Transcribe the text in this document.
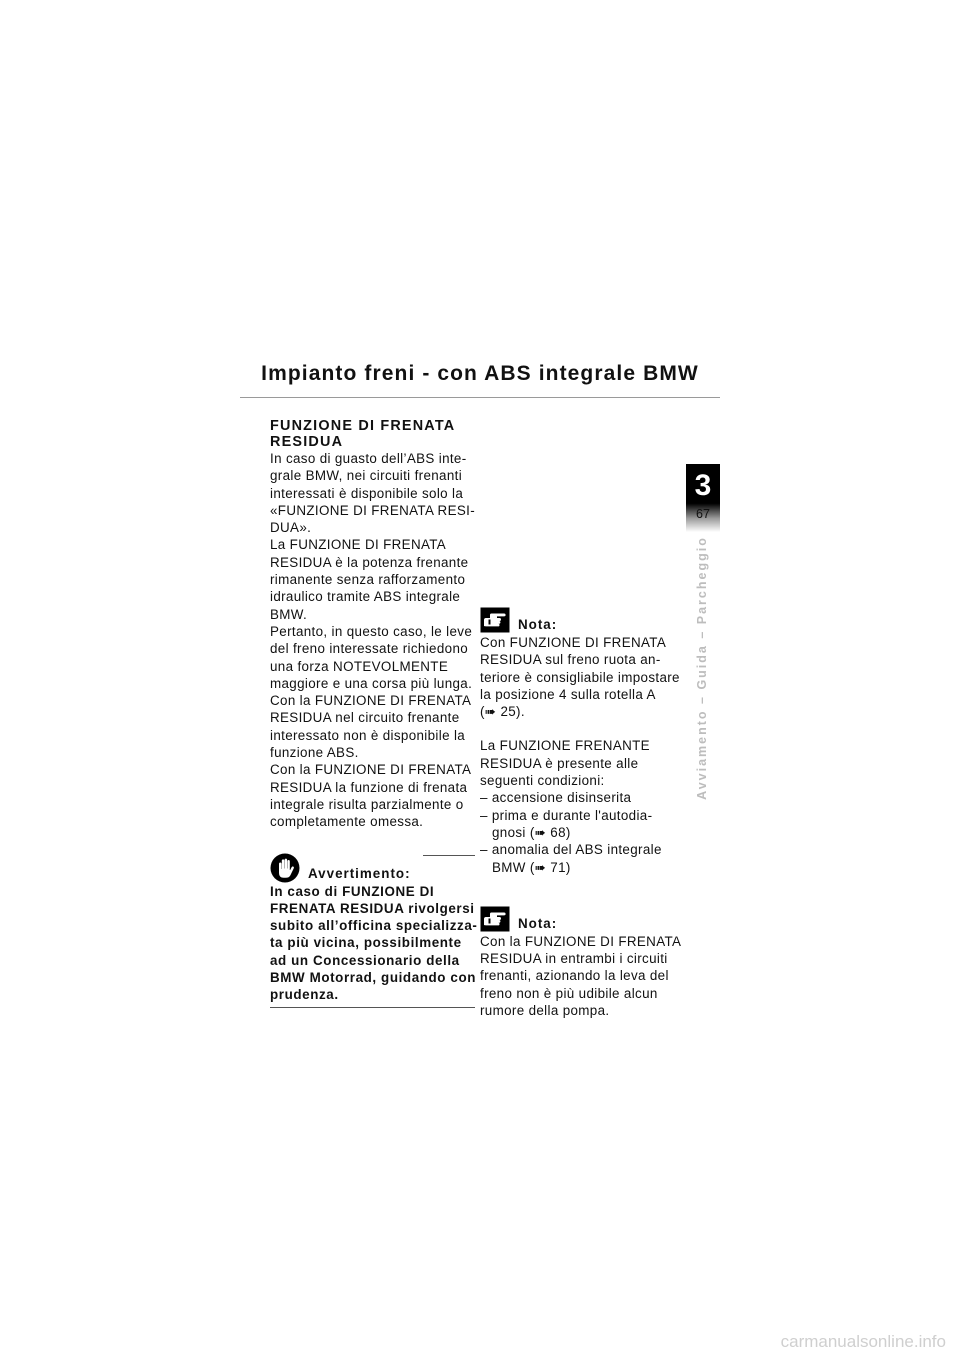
Impianto freni - con ABS integrale BMW
3
67
Avviamento – Guida – Parcheggio
FUNZIONE DI FRENATA
RESIDUA
In caso di guasto dell’ABS inte-
grale BMW, nei circuiti frenanti
interessati è disponibile solo la
«FUNZIONE DI FRENATA RESI-
DUA».
La FUNZIONE DI FRENATA
RESIDUA è la potenza frenante
rimanente senza rafforzamento
idraulico tramite ABS integrale
BMW.
Pertanto, in questo caso, le leve
del freno interessate richiedono
una forza NOTEVOLMENTE
maggiore e una corsa più lunga.
Con la FUNZIONE DI FRENATA
RESIDUA nel circuito frenante
interessato non è disponibile la
funzione ABS.
Con la FUNZIONE DI FRENATA
RESIDUA la funzione di frenata
integrale risulta parzialmente o
completamente omessa.
Avvertimento:
In caso di FUNZIONE DI
FRENATA RESIDUA rivolgersi
subito all’officina specializza-
ta più vicina, possibilmente
ad un Concessionario della
BMW Motorrad, guidando con
prudenza.
Nota:
Con FUNZIONE DI FRENATA
RESIDUA sul freno ruota an-
teriore è consigliabile impostare
la posizione 4 sulla rotella A
(➠ 25).
La FUNZIONE FRENANTE
RESIDUA è presente alle
seguenti condizioni:
– accensione disinserita
– prima e durante l'autodia-
gnosi (➠ 68)
– anomalia del ABS integrale
BMW (➠ 71)
Nota:
Con la FUNZIONE DI FRENATA
RESIDUA in entrambi i circuiti
frenanti, azionando la leva del
freno non è più udibile alcun
rumore della pompa.
carmanualsonline.info
